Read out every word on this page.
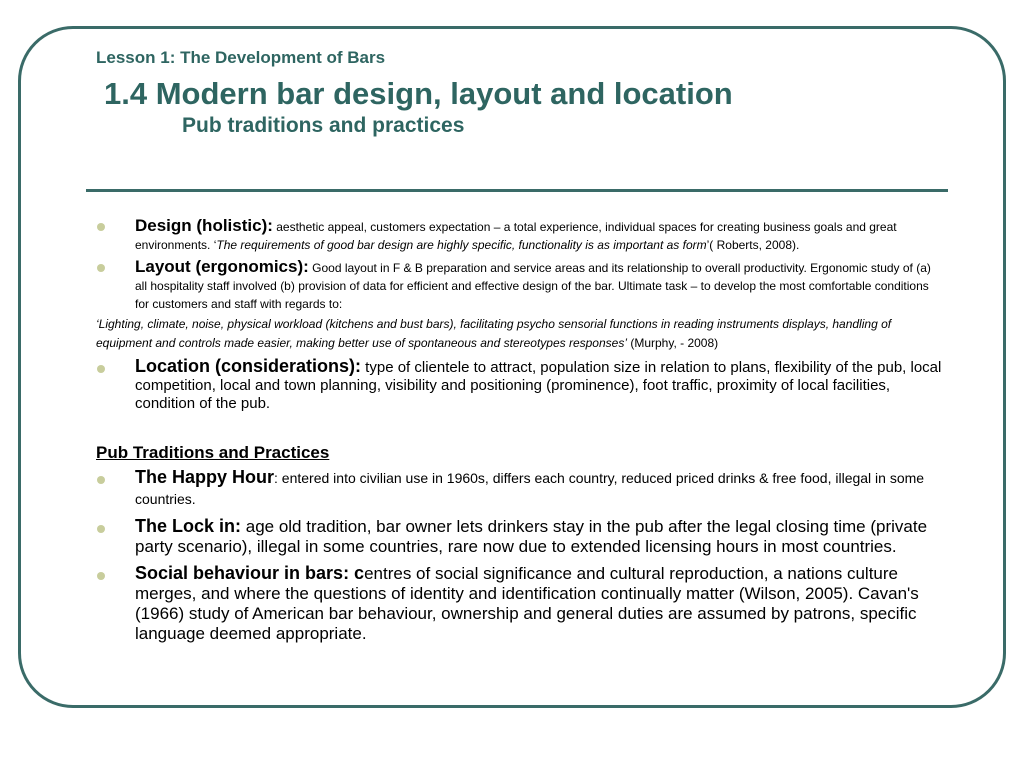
Lesson 1: The Development of Bars
1.4 Modern bar design, layout and location
Pub traditions and practices
Design (holistic): aesthetic appeal, customers expectation – a total experience, individual spaces for creating business goals and great environments. ‘The requirements of good bar design are highly specific, functionality is as important as form’( Roberts, 2008).
Layout (ergonomics): Good layout in F & B preparation and service areas and its relationship to overall productivity. Ergonomic study of (a) all hospitality staff involved (b) provision of data for efficient and effective design of the bar. Ultimate task – to develop the most comfortable conditions for customers and staff with regards to:
‘Lighting, climate, noise, physical workload (kitchens and bust bars), facilitating psycho sensorial functions in reading instruments displays, handling of equipment and controls made easier, making better use of spontaneous and stereotypes responses’ (Murphy, - 2008)
Location (considerations): type of clientele to attract, population size in relation to plans, flexibility of the pub, local competition, local and town planning, visibility and positioning (prominence), foot traffic, proximity of local facilities, condition of the pub.
Pub Traditions and Practices
The Happy Hour: entered into civilian use in 1960s, differs each country, reduced priced drinks & free food, illegal in some countries.
The Lock in: age old tradition, bar owner lets drinkers stay in the pub after the legal closing time (private party scenario), illegal in some countries, rare now due to extended licensing hours in most countries.
Social behaviour in bars: centres of social significance and cultural reproduction, a nations culture merges, and where the questions of identity and identification continually matter (Wilson, 2005). Cavan's (1966) study of American bar behaviour, ownership and general duties are assumed by patrons, specific language deemed appropriate.
